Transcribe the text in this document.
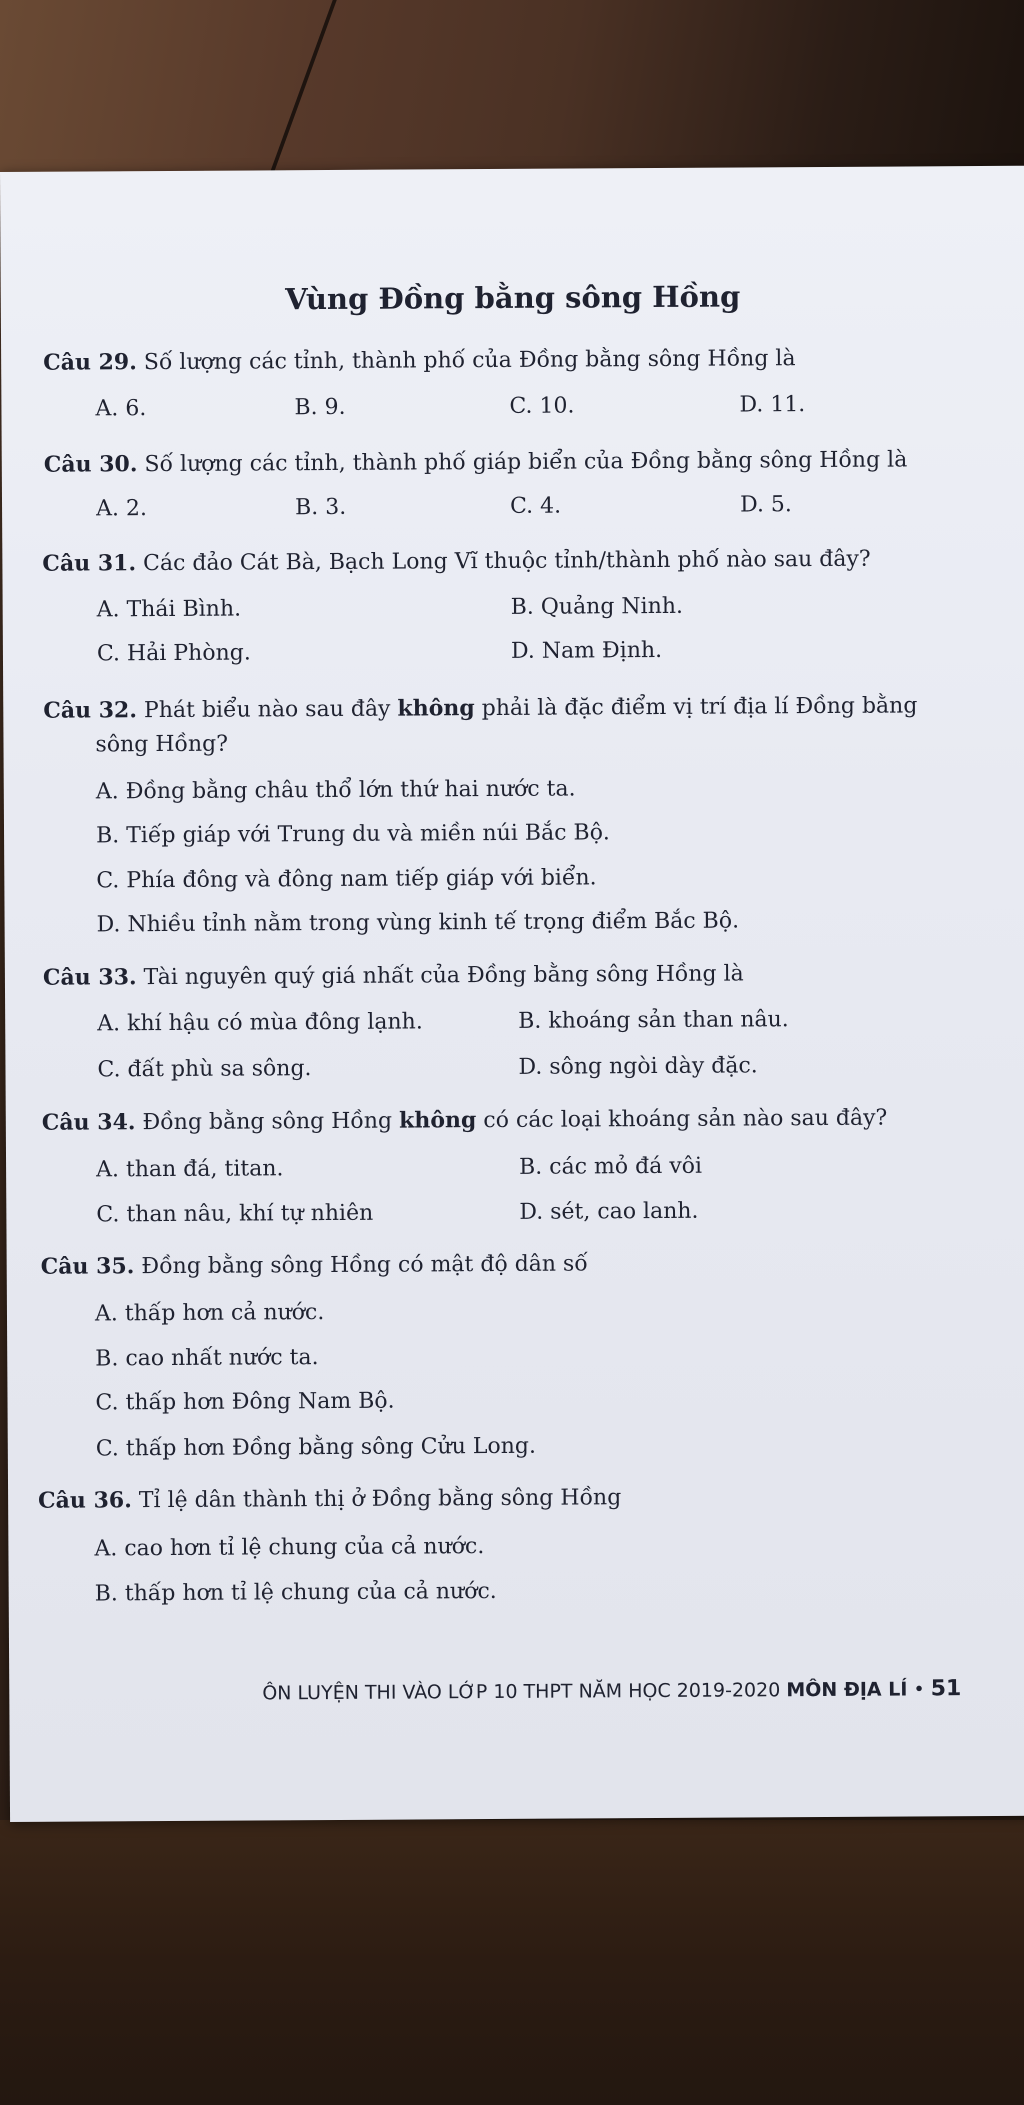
Vùng Đồng bằng sông Hồng
Câu 29. Số lượng các tỉnh, thành phố của Đồng bằng sông Hồng là
A. 6.	B. 9.	C. 10.	D. 11.
Câu 30. Số lượng các tỉnh, thành phố giáp biển của Đồng bằng sông Hồng là
A. 2.	B. 3.	C. 4.	D. 5.
Câu 31. Các đảo Cát Bà, Bạch Long Vĩ thuộc tỉnh/thành phố nào sau đây?
A. Thái Bình.	B. Quảng Ninh.
C. Hải Phòng.	D. Nam Định.
Câu 32. Phát biểu nào sau đây không phải là đặc điểm vị trí địa lí Đồng bằng
sông Hồng?
A. Đồng bằng châu thổ lớn thứ hai nước ta.
B. Tiếp giáp với Trung du và miền núi Bắc Bộ.
C. Phía đông và đông nam tiếp giáp với biển.
D. Nhiều tỉnh nằm trong vùng kinh tế trọng điểm Bắc Bộ.
Câu 33. Tài nguyên quý giá nhất của Đồng bằng sông Hồng là
A. khí hậu có mùa đông lạnh.	B. khoáng sản than nâu.
C. đất phù sa sông.	D. sông ngòi dày đặc.
Câu 34. Đồng bằng sông Hồng không có các loại khoáng sản nào sau đây?
A. than đá, titan.	B. các mỏ đá vôi
C. than nâu, khí tự nhiên	D. sét, cao lanh.
Câu 35. Đồng bằng sông Hồng có mật độ dân số
A. thấp hơn cả nước.
B. cao nhất nước ta.
C. thấp hơn Đông Nam Bộ.
C. thấp hơn Đồng bằng sông Cửu Long.
Câu 36. Tỉ lệ dân thành thị ở Đồng bằng sông Hồng
A. cao hơn tỉ lệ chung của cả nước.
B. thấp hơn tỉ lệ chung của cả nước.
ÔN LUYỆN THI VÀO LỚP 10 THPT NĂM HỌC 2019-2020 MÔN ĐỊA LÍ • 51
